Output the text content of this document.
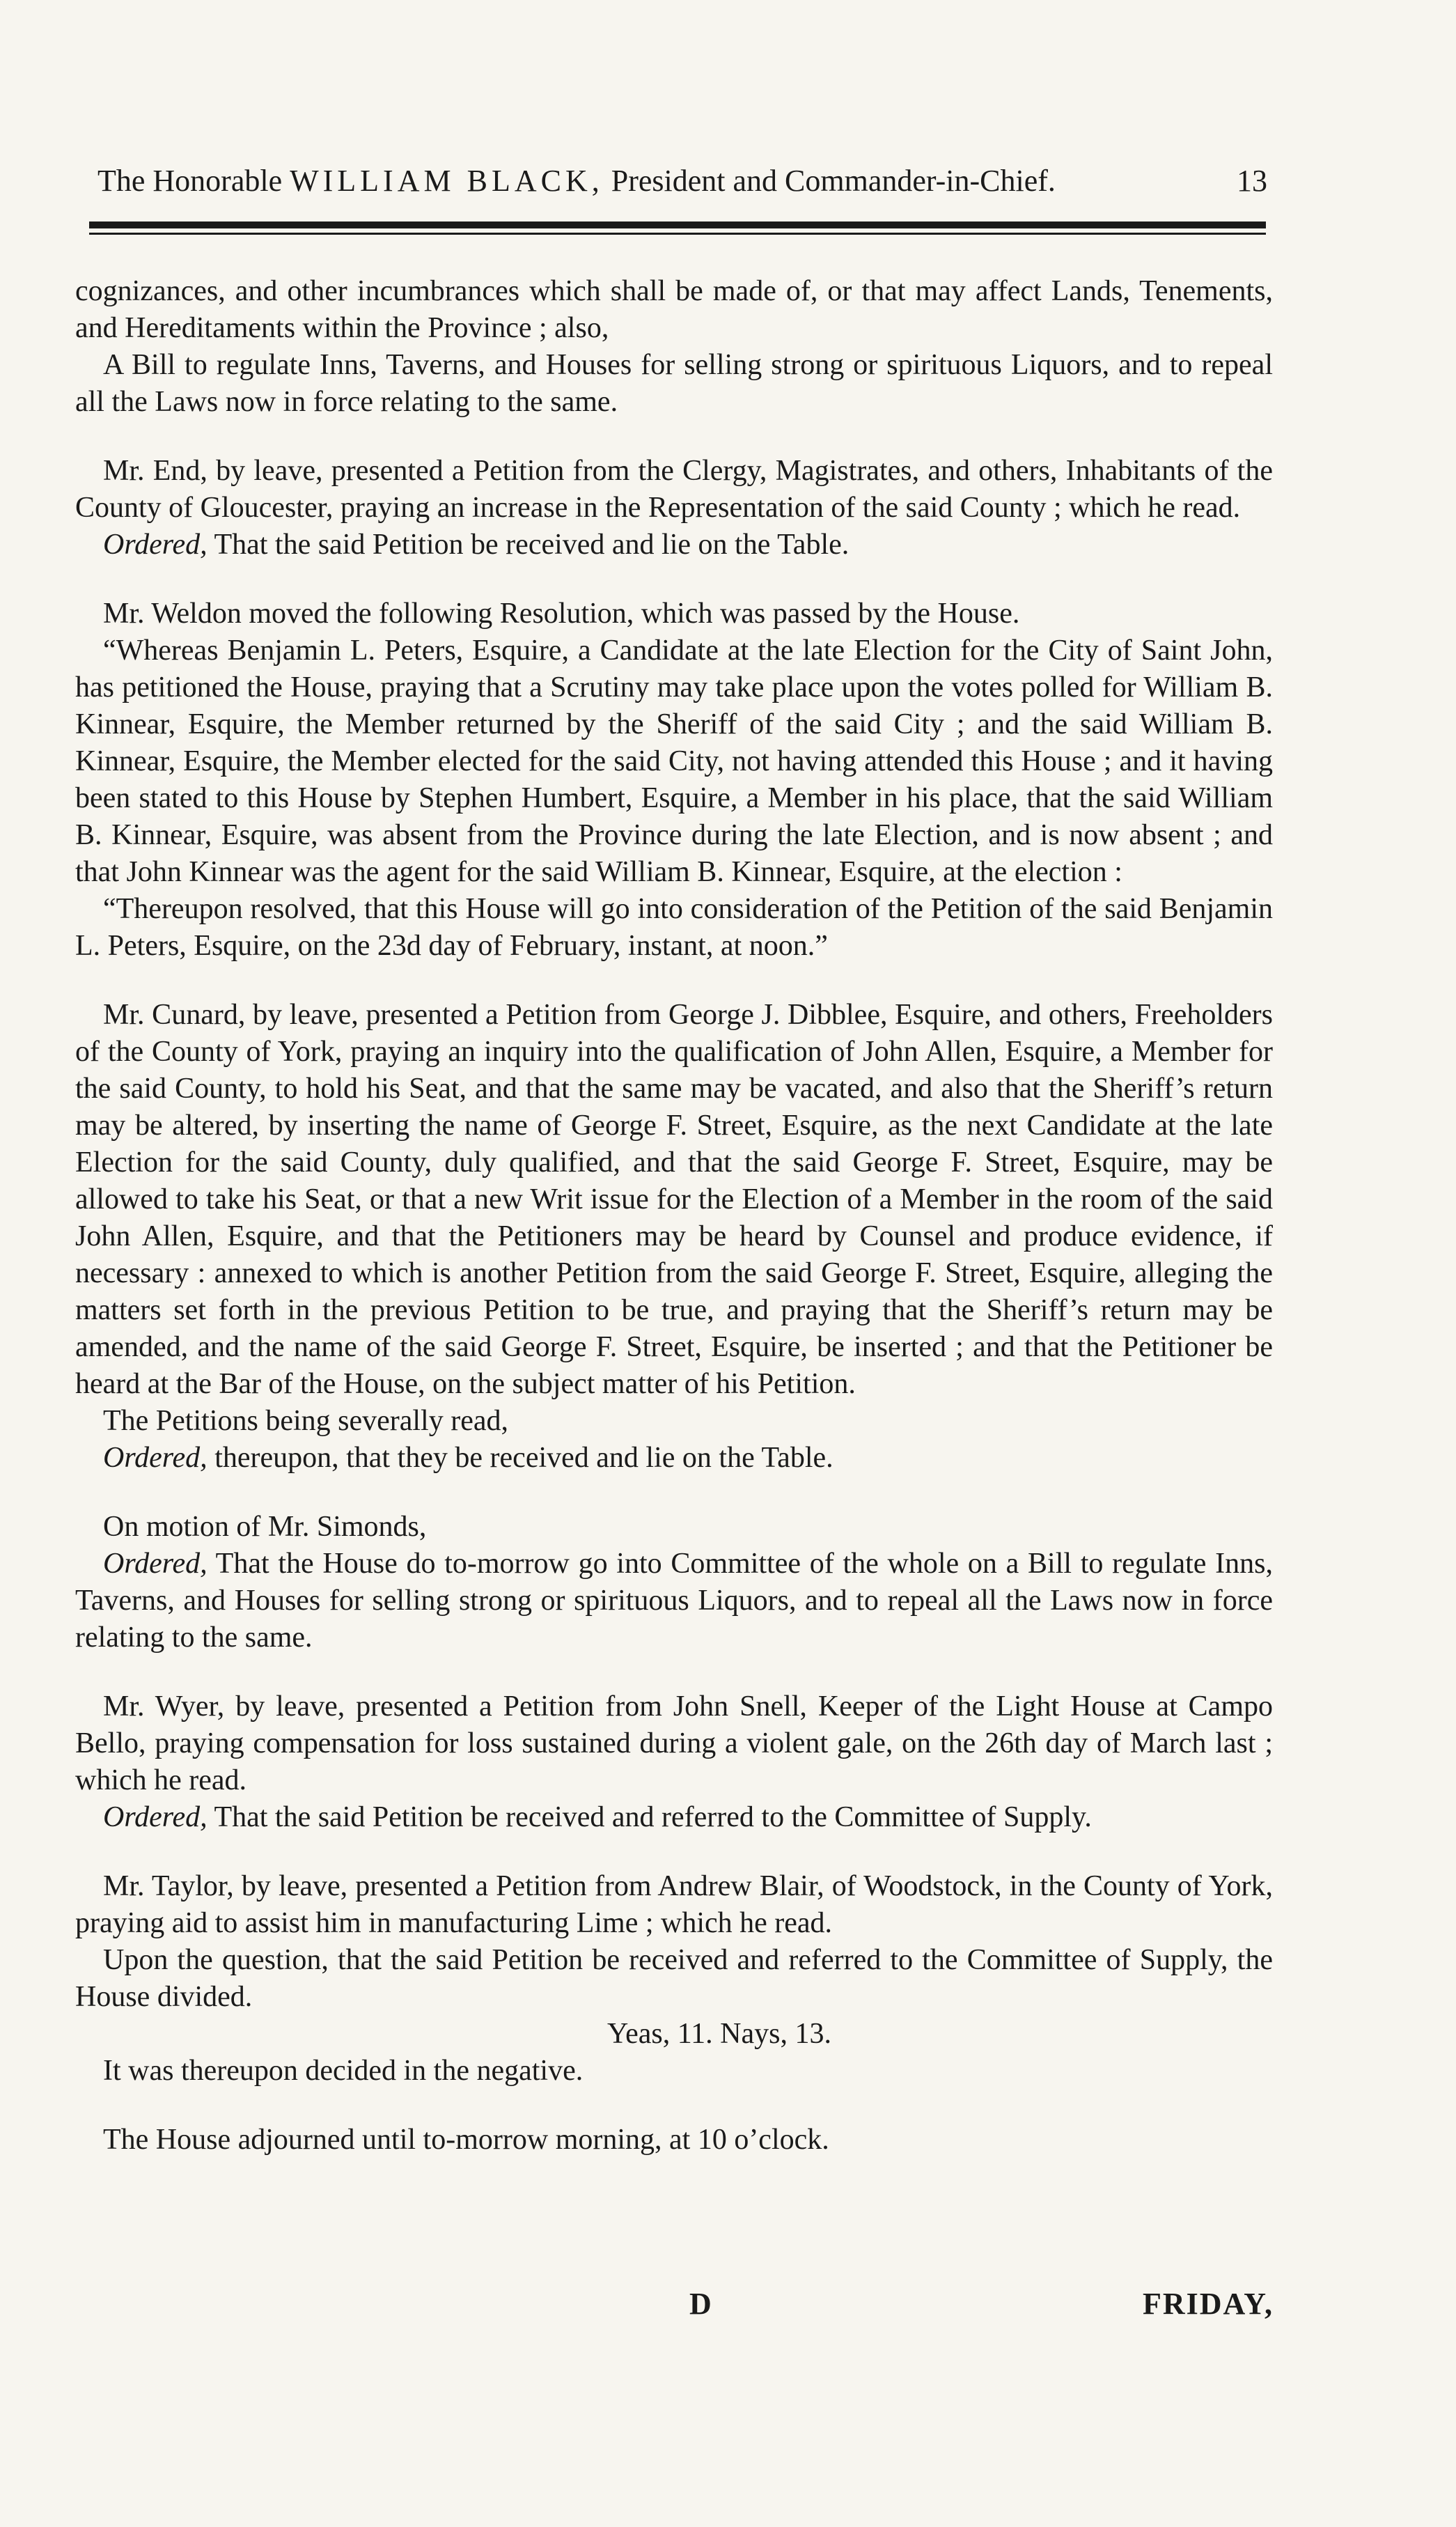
The Honorable WILLIAM BLACK, President and Commander-in-Chief.	13

cognizances, and other incumbrances which shall be made of, or that may affect Lands, Tenements, and Hereditaments within the Province ; also,

A Bill to regulate Inns, Taverns, and Houses for selling strong or spirituous Liquors, and to repeal all the Laws now in force relating to the same.

Mr. End, by leave, presented a Petition from the Clergy, Magistrates, and others, Inhabitants of the County of Gloucester, praying an increase in the Representation of the said County ; which he read.

Ordered, That the said Petition be received and lie on the Table.

Mr. Weldon moved the following Resolution, which was passed by the House.

“Whereas Benjamin L. Peters, Esquire, a Candidate at the late Election for the City of Saint John, has petitioned the House, praying that a Scrutiny may take place upon the votes polled for William B. Kinnear, Esquire, the Member returned by the Sheriff of the said City ; and the said William B. Kinnear, Esquire, the Member elected for the said City, not having attended this House ; and it having been stated to this House by Stephen Humbert, Esquire, a Member in his place, that the said William B. Kinnear, Esquire, was absent from the Province during the late Election, and is now absent ; and that John Kinnear was the agent for the said William B. Kinnear, Esquire, at the election :

“Thereupon resolved, that this House will go into consideration of the Petition of the said Benjamin L. Peters, Esquire, on the 23d day of February, instant, at noon.”

Mr. Cunard, by leave, presented a Petition from George J. Dibblee, Esquire, and others, Freeholders of the County of York, praying an inquiry into the qualification of John Allen, Esquire, a Member for the said County, to hold his Seat, and that the same may be vacated, and also that the Sheriff’s return may be altered, by inserting the name of George F. Street, Esquire, as the next Candidate at the late Election for the said County, duly qualified, and that the said George F. Street, Esquire, may be allowed to take his Seat, or that a new Writ issue for the Election of a Member in the room of the said John Allen, Esquire, and that the Petitioners may be heard by Counsel and produce evidence, if necessary : annexed to which is another Petition from the said George F. Street, Esquire, alleging the matters set forth in the previous Petition to be true, and praying that the Sheriff’s return may be amended, and the name of the said George F. Street, Esquire, be inserted ; and that the Petitioner be heard at the Bar of the House, on the subject matter of his Petition.

The Petitions being severally read,

Ordered, thereupon, that they be received and lie on the Table.

On motion of Mr. Simonds,

Ordered, That the House do to-morrow go into Committee of the whole on a Bill to regulate Inns, Taverns, and Houses for selling strong or spirituous Liquors, and to repeal all the Laws now in force relating to the same.

Mr. Wyer, by leave, presented a Petition from John Snell, Keeper of the Light House at Campo Bello, praying compensation for loss sustained during a violent gale, on the 26th day of March last ; which he read.

Ordered, That the said Petition be received and referred to the Committee of Supply.

Mr. Taylor, by leave, presented a Petition from Andrew Blair, of Woodstock, in the County of York, praying aid to assist him in manufacturing Lime ; which he read.

Upon the question, that the said Petition be received and referred to the Committee of Supply, the House divided.

Yeas, 11. Nays, 13.

It was thereupon decided in the negative.

The House adjourned until to-morrow morning, at 10 o’clock.

D	FRIDAY,
